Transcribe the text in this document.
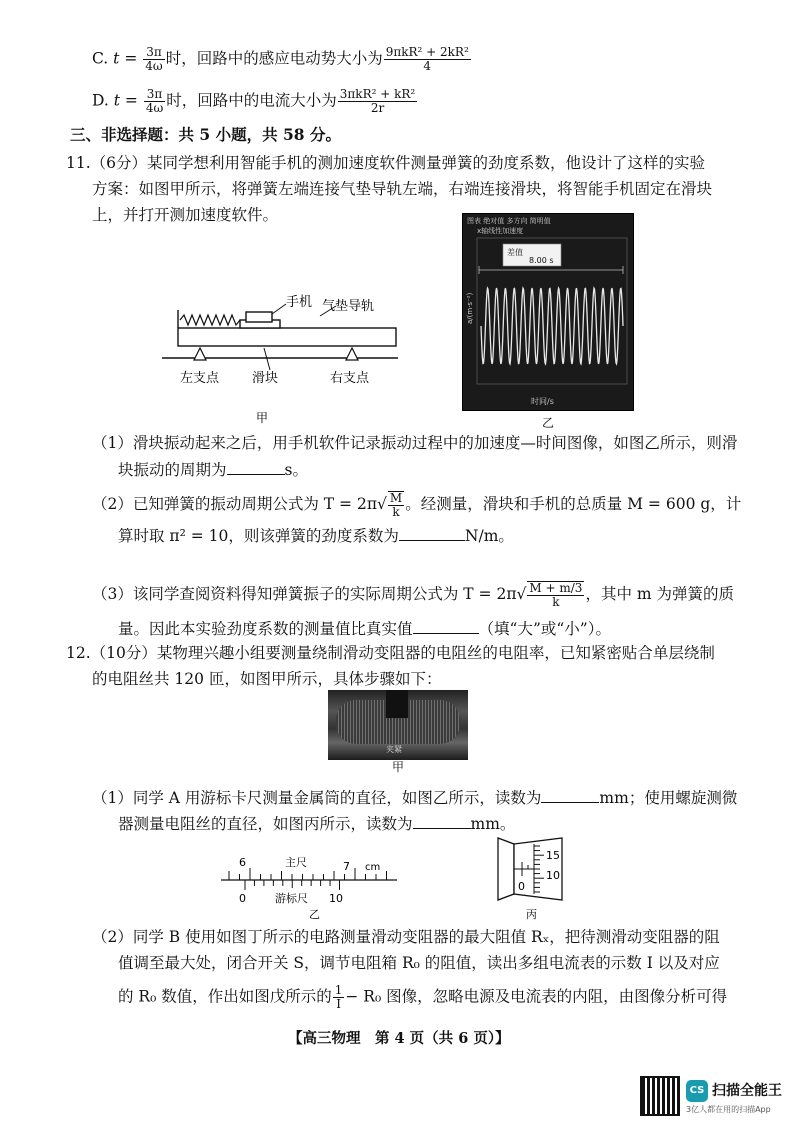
C. $t = \frac{3\pi}{4\omega}$ 时，回路中的感应电动势大小为 $\frac{\text{9πkR² + 2kR²}}{4}$
D. $t = \frac{3\pi}{4\omega}$ 时，回路中的电流大小为 $\frac{\text{3πkR² + kR²}}{2r}$
三、非选择题：共 5 小题，共 58 分。
11.（6分）某同学想利用智能手机的测加速度软件测量弹簧的劲度系数，他设计了这样的实验
方案：如图甲所示，将弹簧左端连接气垫导轨左端，右端连接滑块，将智能手机固定在滑块
上，并打开测加速度软件。
手机 气垫导轨
左支点	滑块	右支点
甲
图表 绝对值 多方向 简明值
x轴线性加速度
a/(m·s⁻²)
差值
8.00 s
时间/s
乙
（1）滑块振动起来之后，用手机软件记录振动过程中的加速度—时间图像，如图乙所示，则滑
块振动的周期为	s。
（2）已知弹簧的振动周期公式为 $T = 2\pi√ \frac{M}{k}$ 。经测量，滑块和手机的总质量 M = 600 g，计
算时取 π² = 10，则该弹簧的劲度系数为	N/m。
（3）该同学查阅资料得知弹簧振子的实际周期公式为 $T = 2\pi√ \frac{M + m/3}{k}$ ，其中 m 为弹簧的质
量。因此本实验劲度系数的测量值比真实值	（填“大”或“小”）。
12.（10分）某物理兴趣小组要测量绕制滑动变阻器的电阻丝的电阻率，已知紧密贴合单层绕制
的电阻丝共 120 匝，如图甲所示，具体步骤如下：
夹紧
甲
（1）同学 A 用游标卡尺测量金属筒的直径，如图乙所示，读数为	mm；使用螺旋测微
器测量电阻丝的直径，如图丙所示，读数为	mm。
6	主尺	7 cm
0	游标尺 10
乙
15
10
0
丙
（2）同学 B 使用如图丁所示的电路测量滑动变阻器的最大阻值 Rₓ，把待测滑动变阻器的阻
值调至最大处，闭合开关 S，调节电阻箱 R₀ 的阻值，读出多组电流表的示数 I 以及对应
的 R₀ 数值，作出如图戊所示的 $\frac{1}{I} - R_0$ 图像，忽略电源及电流表的内阻，由图像分析可得
【高三物理　第 4 页（共 6 页）】
CS 扫描全能王
3亿人都在用的扫描App
